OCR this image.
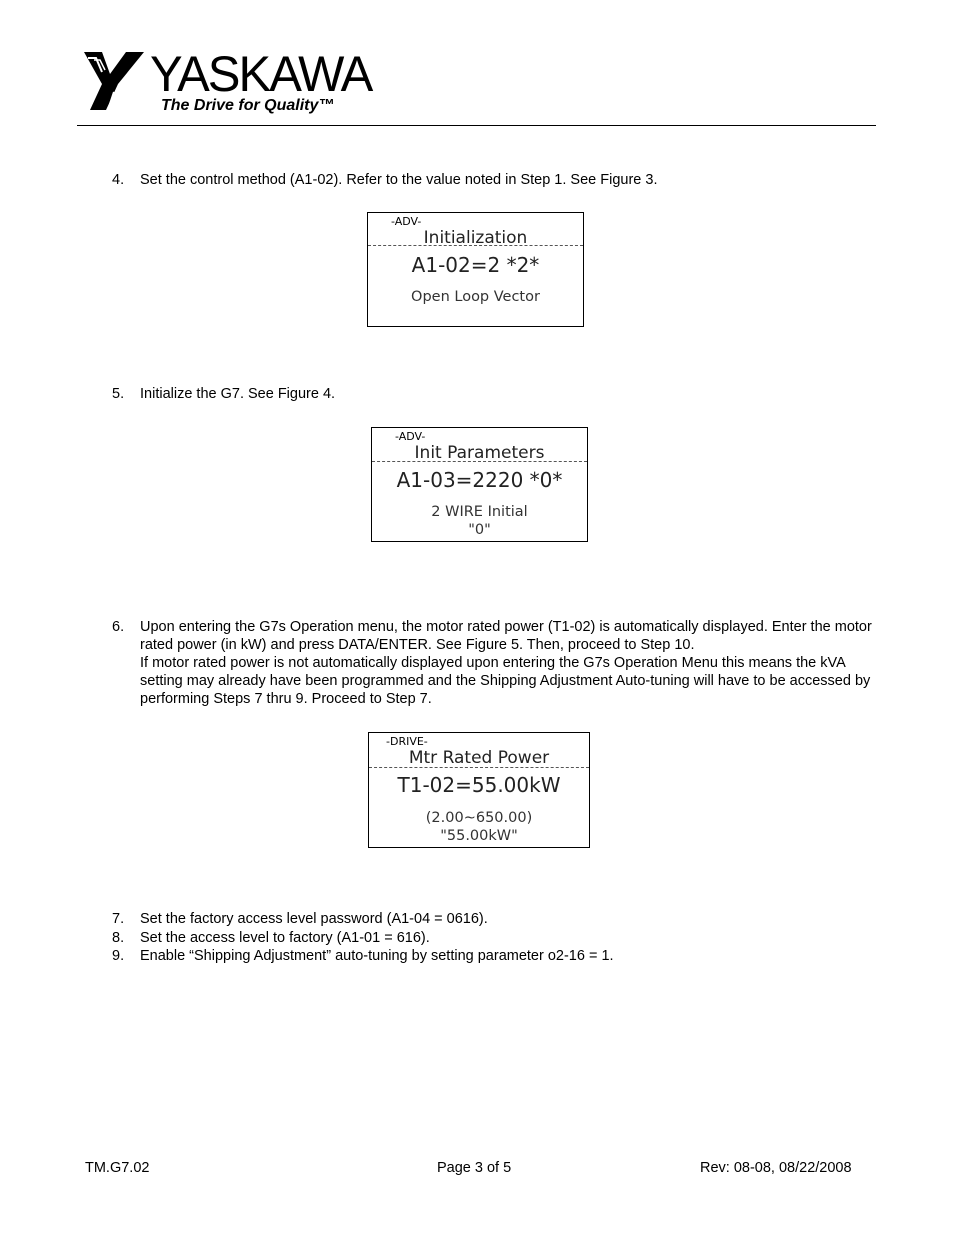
YASKAWA
The Drive for Quality™
4.	Set the control method (A1-02). Refer to the value noted in Step 1. See Figure 3.

-ADV-
Initialization
A1-02=2 *2*
Open Loop Vector
5.	Initialize the G7. See Figure 4.

-ADV-
Init Parameters
A1-03=2220 *0*
2 WIRE Initial
"0"
6.	Upon entering the G7s Operation menu, the motor rated power (T1-02) is automatically displayed. Enter the motor rated power (in kW) and press DATA/ENTER. See Figure 5. Then, proceed to Step 10.

If motor rated power is not automatically displayed upon entering the G7s Operation Menu this means the kVA setting may already have been programmed and the Shipping Adjustment Auto-tuning will have to be accessed by performing Steps 7 thru 9. Proceed to Step 7.

-DRIVE-
Mtr Rated Power
T1-02=55.00kW
(2.00∼650.00)
"55.00kW"
7.	Set the factory access level password (A1-04 = 0616).

8.	Set the access level to factory (A1-01 = 616).

9.	Enable “Shipping Adjustment” auto-tuning by setting parameter o2-16 = 1.

TM.G7.02	Page 3 of 5	Rev: 08-08, 08/22/2008
